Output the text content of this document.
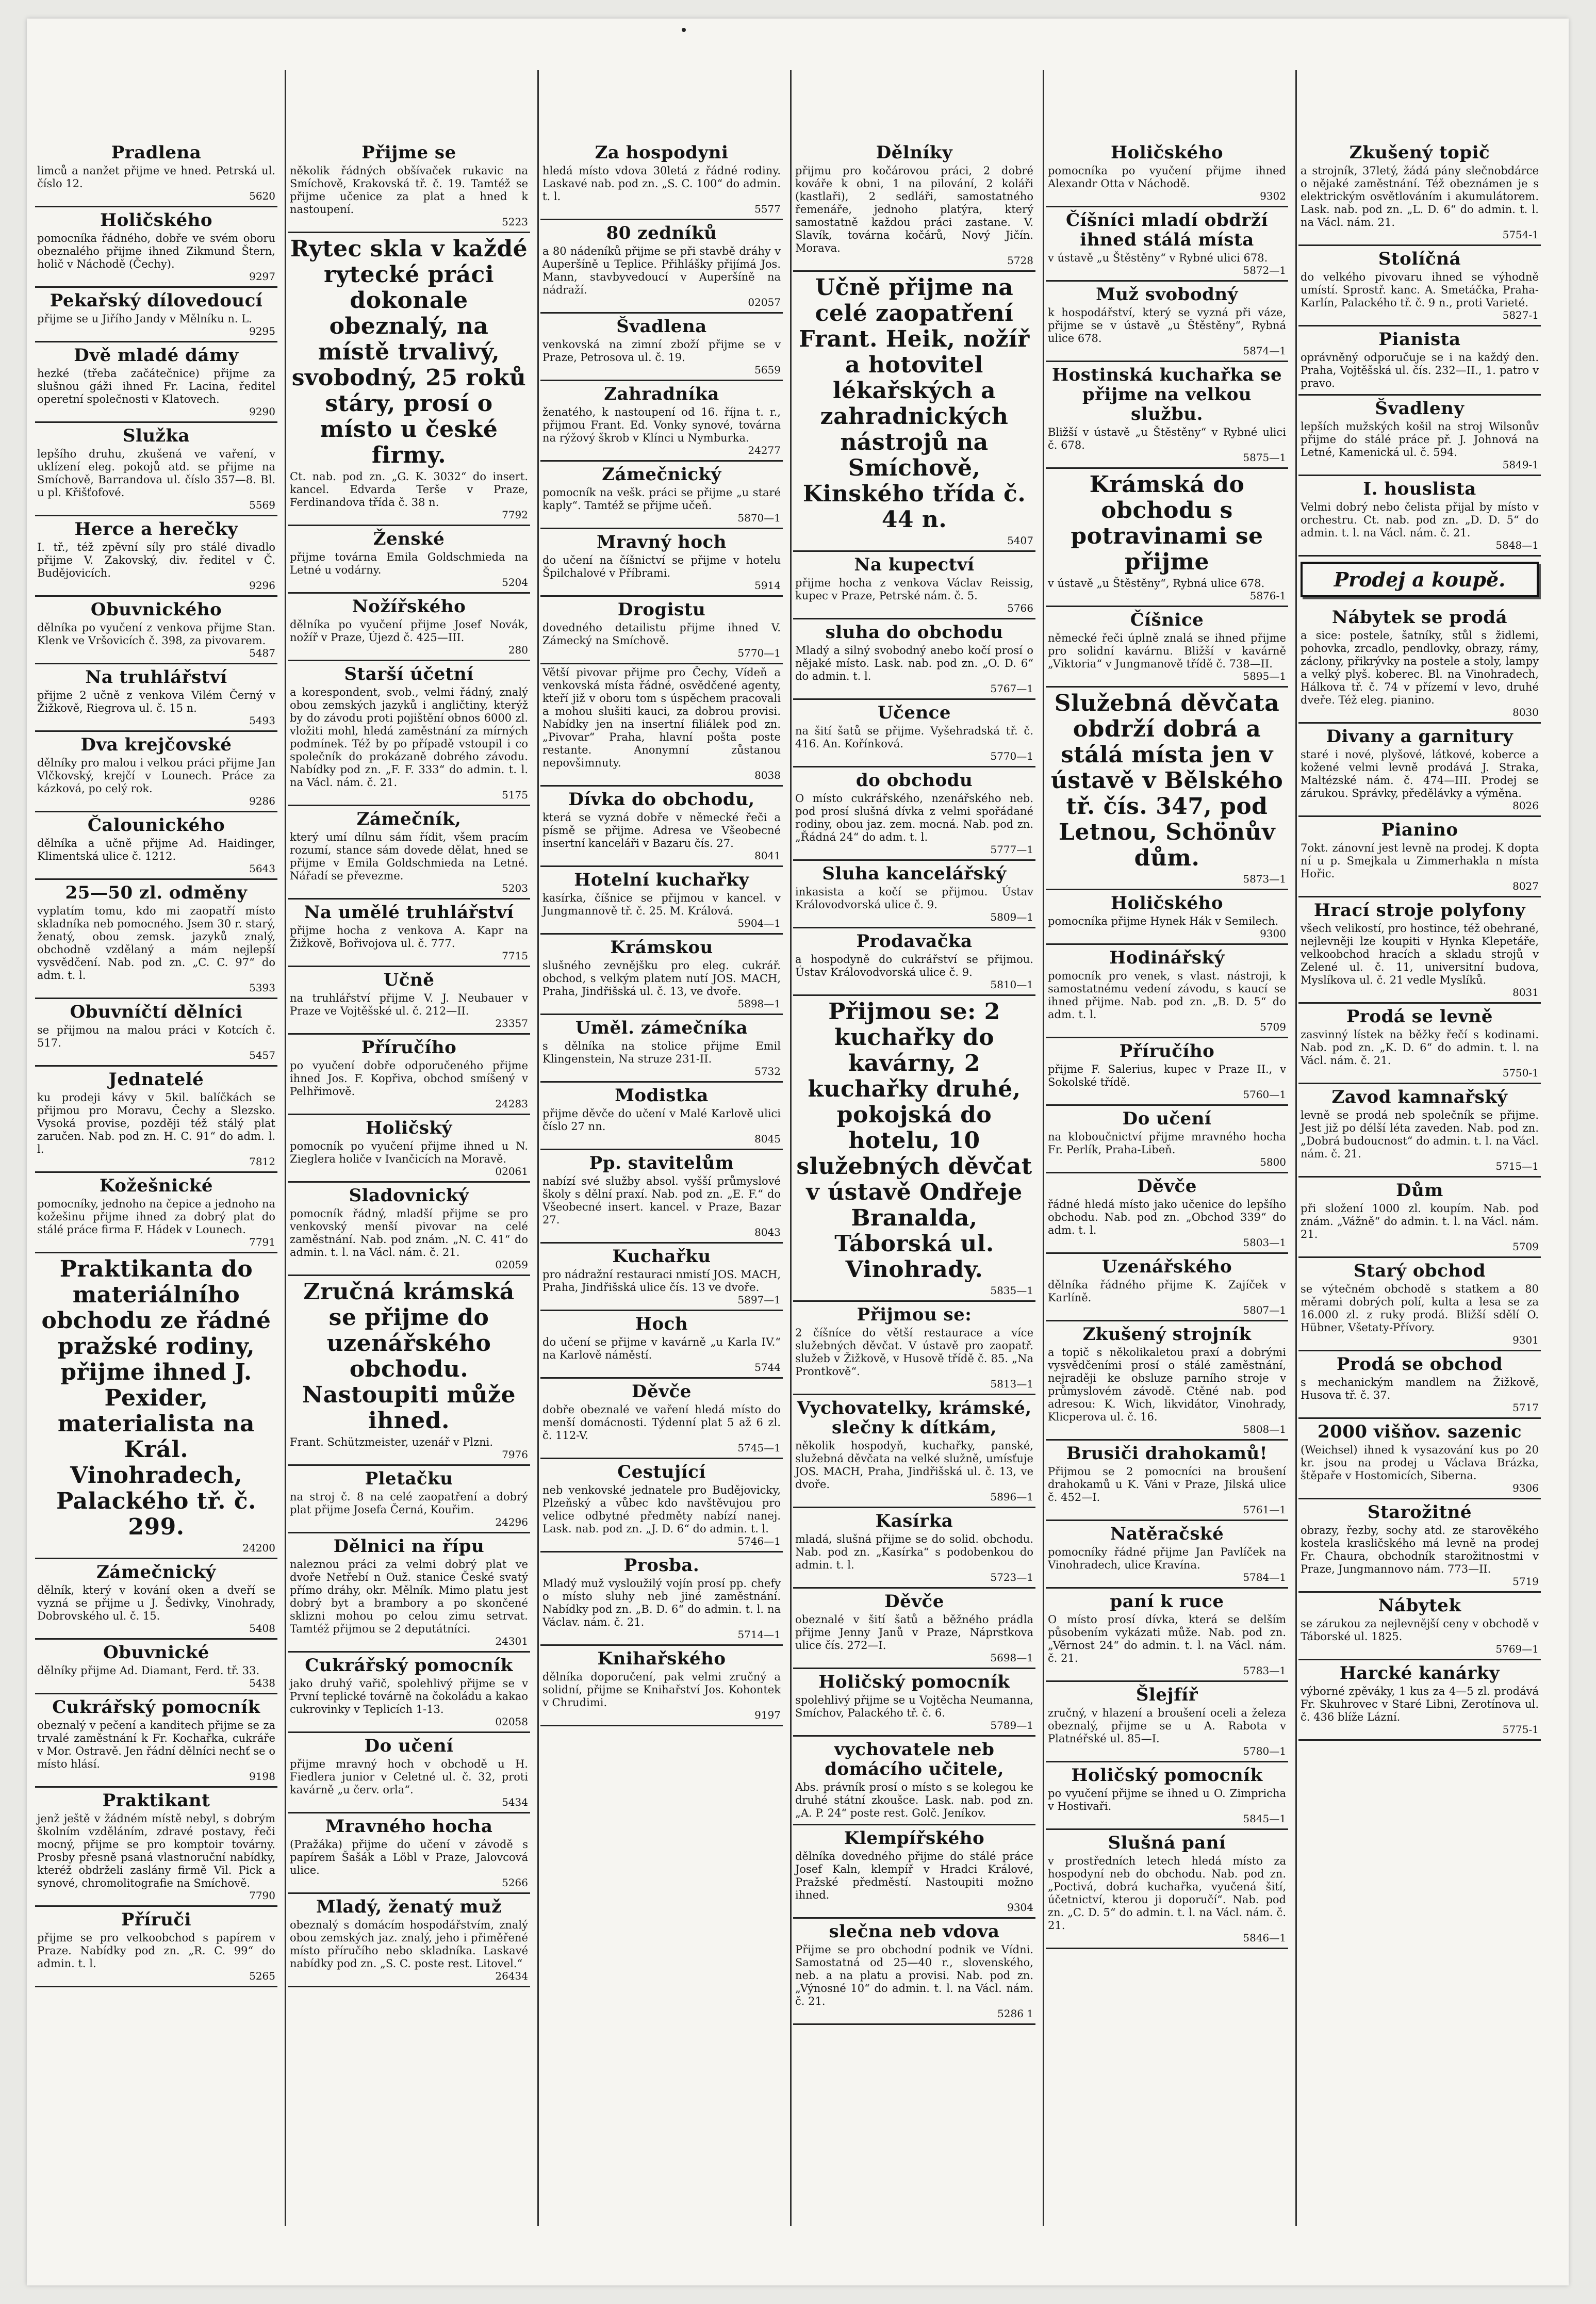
Pradlena

limců a nanžet přijme ve hned. Petrská ul. číslo 12.

5620
Holičského

pomocníka řádného, dobře ve svém oboru obeznalého přijme ihned Zikmund Štern, holič v Náchodě (Čechy).

9297
Pekařský dílovedoucí

přijme se u Jiřího Jandy v Mělníku n. L.

9295
Dvě mladé dámy

hezké (třeba začátečnice) přijme za slušnou gáži ihned Fr. Lacina, ředitel operetní společnosti v Klatovech.

9290
Služka

lepšího druhu, zkušená ve vaření, v uklízení eleg. pokojů atd. se přijme na Smíchově, Barrandova ul. číslo 357—8. Bl. u pl. Křišťofové.

5569
Herce a herečky

I. tř., též zpěvní síly pro stálé divadlo přijme V. Zakovský, div. ředitel v Č. Budějovicích.

9296
Obuvnického

dělníka po vyučení z venkova přijme Stan. Klenk ve Vršovicích č. 398, za pivovarem.

5487
Na truhlářství

přijme 2 učně z venkova Vilém Černý v Žižkově, Riegrova ul. č. 15 n.

5493
Dva krejčovské

dělníky pro malou i velkou práci přijme Jan Vlčkovský, krejčí v Lounech. Práce za kázková, po celý rok.

9286
Čalounického

dělníka a učně přijme Ad. Haidinger, Klimentská ulice č. 1212.

5643
25—50 zl. odměny

vyplatím tomu, kdo mi zaopatří místo skladníka neb pomocného. Jsem 30 r. starý, ženatý, obou zemsk. jazyků znalý, obchodně vzdělaný a mám nejlepší vysvědčení. Nab. pod zn. „C. C. 97“ do adm. t. l.

5393
Obuvníčtí dělníci

se přijmou na malou práci v Kotcích č. 517.

5457
Jednatelé

ku prodeji kávy v 5kil. balíčkách se přijmou pro Moravu, Čechy a Slezsko. Vysoká provise, později též stálý plat zaručen. Nab. pod zn. H. C. 91“ do adm. l. l.

7812
Kožešnické

pomocníky, jednoho na čepice a jednoho na kožešinu přijme ihned za dobrý plat do stálé práce firma F. Hádek v Lounech.

7791
Praktikanta do materiálního obchodu ze řádné pražské rodiny, přijme ihned J. Pexider, materialista na Král. Vinohradech, Palackého tř. č. 299.
24200
Zámečnický

dělník, který v kování oken a dveří se vyzná se přijme u J. Šedivky, Vinohrady, Dobrovského ul. č. 15.

5408
Obuvnické

dělníky přijme Ad. Diamant, Ferd. tř. 33.

5438
Cukrářský pomocník

obeznalý v pečení a kanditech přijme se za trvalé zaměstnání k Fr. Kochařka, cukráře v Mor. Ostravě. Jen řádní dělníci nechť se o místo hlásí.

9198
Praktikant

jenž ještě v žádném místě nebyl, s dobrým školním vzděláním, zdravé postavy, řeči mocný, přijme se pro komptoir továrny. Prosby přesně psaná vlastnoruční nabídky, kteréž obdrželi zaslány firmě Vil. Pick a synové, chromolitografie na Smíchově.

7790
Příruči

přijme se pro velkoobchod s papírem v Praze. Nabídky pod zn. „R. C. 99“ do admin. t. l.

5265
Přijme se

několik řádných obšívaček rukavic na Smíchově, Krakovská tř. č. 19. Tamtéž se přijme učenice za plat a hned k nastoupení.

5223
Rytec skla v každé rytecké práci dokonale obeznalý, na místě trvalivý, svobodný, 25 roků stáry, prosí o místo u české firmy.

Ct. nab. pod zn. „G. K. 3032“ do insert. kancel. Edvarda Terše v Praze, Ferdinandova třída č. 38 n.

7792
Ženské

přijme továrna Emila Goldschmieda na Letné u vodárny.

5204
Nožířského

dělníka po vyučení přijme Josef Novák, nožíř v Praze, Újezd č. 425—III.

280
Starší účetní

a korespondent, svob., velmi řádný, znalý obou zemských jazyků i angličtiny, kterýž by do závodu proti pojištění obnos 6000 zl. vložiti mohl, hledá zaměstnání za mírných podmínek. Též by po případě vstoupil i co společník do prokázaně dobrého závodu. Nabídky pod zn. „F. F. 333“ do admin. t. l. na Václ. nám. č. 21.

5175
Zámečník,

který umí dílnu sám řídit, všem pracím rozumí, stance sám dovede dělat, hned se přijme v Emila Goldschmieda na Letné. Nářadí se převezme.

5203
Na umělé truhlářství

přijme hocha z venkova A. Kapr na Žižkově, Bořivojova ul. č. 777.

7715
Učně

na truhlářství přijme V. J. Neubauer v Praze ve Vojtěšské ul. č. 212—II.

23357
Příručího

po vyučení dobře odporučeného přijme ihned Jos. F. Kopřiva, obchod smíšený v Pelhřimově.

24283
Holičský

pomocník po vyučení přijme ihned u N. Zieglera holiče v Ivančicích na Moravě.

02061
Sladovnický

pomocník řádný, mladší přijme se pro venkovský menší pivovar na celé zaměstnání. Nab. pod znám. „N. C. 41“ do admin. t. l. na Václ. nám. č. 21.

02059
Zručná krámská se přijme do uzenářského obchodu. Nastoupiti může ihned.

Frant. Schützmeister, uzenář v Plzni.

7976
Pletačku

na stroj č. 8 na celé zaopatření a dobrý plat přijme Josefa Černá, Kouřim.

24296
Dělnici na řípu

naleznou práci za velmi dobrý plat ve dvoře Netřebí n Ouž. stanice České svatý přímo dráhy, okr. Mělník. Mimo platu jest dobrý byt a brambory a po skončené sklizni mohou po celou zimu setrvat. Tamtéž přijmou se 2 deputátníci.

24301
Cukrářský pomocník

jako druhý vařič, spolehlivý přijme se v První teplické továrně na čokoládu a kakao cukrovinky v Teplicích 1-13.

02058
Do učení

přijme mravný hoch v obchodě u H. Fiedlera junior v Celetné ul. č. 32, proti kavárně „u červ. orla“.

5434
Mravného hocha

(Pražáka) přijme do učení v závodě s papírem Šašák a Löbl v Praze, Jalovcová ulice.

5266
Mladý, ženatý muž

obeznalý s domácím hospodářstvím, znalý obou zemských jaz. znalý, jeho i přiměřené místo příručího nebo skladníka. Laskavé nabídky pod zn. „S. C. poste rest. Litovel.“

26434
Za hospodyni

hledá místo vdova 30letá z řádné rodiny. Laskavé nab. pod zn. „S. C. 100“ do admin. t. l.

5577
80 zedníků

a 80 nádeníků přijme se při stavbě dráhy v Auperšíně u Teplice. Přihlášky přijímá Jos. Mann, stavbyvedoucí v Auperšíně na nádraží.

02057
Švadlena

venkovská na zimní zboží přijme se v Praze, Petrosova ul. č. 19.

5659
Zahradníka

ženatého, k nastoupení od 16. října t. r., přijmou Frant. Ed. Vonky synové, továrna na rýžový škrob v Klínci u Nymburka.

24277
Zámečnický

pomocník na vešk. práci se přijme „u staré kaply“. Tamtéž se přijme učeň.

5870—1
Mravný hoch

do učení na číšnictví se přijme v hotelu Špilchalové v Příbrami.

5914
Drogistu

dovedného detailistu přijme ihned V. Zámecký na Smíchově.

5770—1

Větší pivovar přijme pro Čechy, Vídeň a venkovská místa řádné, osvědčené agenty, kteří již v oboru tom s úspěchem pracovali a mohou slušiti kauci, za dobrou provisi. Nabídky jen na insertní filiálek pod zn. „Pivovar“ Praha, hlavní pošta poste restante. Anonymní zůstanou nepovšimnuty.

8038
Dívka do obchodu,

která se vyzná dobře v německé řeči a písmě se přijme. Adresa ve Všeobecné insertní kanceláři v Bazaru čís. 27.

8041
Hotelní kuchařky

kasírka, číšnice se přijmou v kancel. v Jungmannově tř. č. 25. M. Králová.

5904—1
Krámskou

slušného zevnějšku pro eleg. cukrář. obchod, s velkým platem nutí JOS. MACH, Praha, Jindřišská ul. č. 13, ve dvoře.

5898—1
Uměl. zámečníka

s dělníka na stolice přijme Emil Klingenstein, Na struze 231-II.

5732
Modistka

přijme děvče do učení v Malé Karlově ulici číslo 27 nn.

8045
Pp. stavitelům

nabízí své služby absol. vyšší průmyslové školy s dělní praxí. Nab. pod zn. „E. F.“ do Všeobecné insert. kancel. v Praze, Bazar 27.

8043
Kuchařku

pro nádražní restauraci nmistí JOS. MACH, Praha, Jindřišská ulice čís. 13 ve dvoře.

5897—1
Hoch

do učení se přijme v kavárně „u Karla IV.“ na Karlově náměstí.

5744
Děvče

dobře obeznalé ve vaření hledá místo do menší domácnosti. Týdenní plat 5 až 6 zl. č. 112-V.

5745—1
Cestující

neb venkovské jednatele pro Budějovicky, Plzeňský a vůbec kdo navštěvujou pro velice odbytné předměty nabízí nanej. Lask. nab. pod zn. „J. D. 6“ do admin. t. l.

5746—1
Prosba.

Mladý muž vysloužilý vojín prosí pp. chefy o místo sluhy neb jiné zaměstnání. Nabídky pod zn. „B. D. 6“ do admin. t. l. na Václav. nám. č. 21.

5714—1
Knihařského

dělníka doporučení, pak velmi zručný a solidní, přijme se Knihařství Jos. Kohontek v Chrudimi.

9197
Dělníky

přijmu pro kočárovou práci, 2 dobré kováře k obni, 1 na pilování, 2 koláři (kastlaři), 2 sedláři, samostatného řemenáře, jednoho platýra, který samostatně každou práci zastane. V. Slavík, továrna kočárů, Nový Jičín. Morava.

5728
Učně přijme na celé zaopatření Frant. Heik, nožíř a hotovitel lékařských a zahradnických nástrojů na Smíchově, Kinského třída č. 44 n.
5407
Na kupectví

přijme hocha z venkova Václav Reissig, kupec v Praze, Petrské nám. č. 5.

5766
sluha do obchodu

Mladý a silný svobodný anebo kočí prosí o nějaké místo. Lask. nab. pod zn. „O. D. 6“ do admin. t. l.

5767—1
Učence

na šití šatů se přijme. Vyšehradská tř. č. 416. An. Kořínková.

5770—1
do obchodu

O místo cukrářského, nzenářského neb. pod prosí slušná dívka z velmi spořádané rodiny, obou jaz. zem. mocná. Nab. pod zn. „Řádná 24“ do adm. t. l.

5777—1
Sluha kancelářský

inkasista a kočí se přijmou. Ústav Královodvorská ulice č. 9.

5809—1
Prodavačka

a hospodyně do cukrářství se přijmou. Ústav Královodvorská ulice č. 9.

5810—1
Přijmou se: 2 kuchařky do kavárny, 2 kuchařky druhé, pokojská do hotelu, 10 služebných děvčat v ústavě Ondřeje Branalda, Táborská ul. Vinohrady.
5835—1
Přijmou se:

2 číšníce do větší restaurace a více služebných děvčat. V ústavě pro zaopatř. služeb v Žižkově, v Husově třídě č. 85. „Na Prontkově“.

5813—1
Vychovatelky, krámské, slečny k dítkám,

několik hospodyň, kuchařky, panské, služebná děvčata na velké služně, umísťuje JOS. MACH, Praha, Jindřišská ul. č. 13, ve dvoře.

5896—1
Kasírka

mladá, slušná přijme se do solid. obchodu. Nab. pod zn. „Kasírka“ s podobenkou do admin. t. l.

5723—1
Děvče

obeznalé v šití šatů a běžného prádla přijme Jenny Janů v Praze, Náprstkova ulice čís. 272—I.

5698—1
Holičský pomocník

spolehlivý přijme se u Vojtěcha Neumanna, Smíchov, Palackého tř. č. 6.

5789—1
vychovatele neb domácího učitele,

Abs. právník prosí o místo s se kolegou ke druhé státní zkoušce. Lask. nab. pod zn. „A. P. 24“ poste rest. Golč. Jeníkov.

Klempířského

dělníka dovedného přijme do stálé práce Josef Kaln, klempíř v Hradci Králové, Pražské předměstí. Nastoupiti možno ihned.

9304
slečna neb vdova

Přijme se pro obchodní podnik ve Vídni. Samostatná od 25—40 r., slovenského, neb. a na platu a provisi. Nab. pod zn. „Výnosné 10“ do admin. t. l. na Václ. nám. č. 21.

5286 1
Holičského

pomocníka po vyučení přijme ihned Alexandr Otta v Náchodě.

9302
Číšníci mladí obdrží ihned stálá místa

v ústavě „u Štěstěny“ v Rybné ulici 678.

5872—1
Muž svobodný

k hospodářství, který se vyzná při váze, přijme se v ústavě „u Štěstěny“, Rybná ulice 678.

5874—1
Hostinská kuchařka se přijme na velkou službu.

Bližší v ústavě „u Štěstěny“ v Rybné ulici č. 678.

5875—1
Krámská do obchodu s potravinami se přijme

v ústavě „u Štěstěny“, Rybná ulice 678.

5876-1
Číšnice

německé řeči úplně znalá se ihned přijme pro solidní kavárnu. Bližší v kavárně „Viktoria“ v Jungmanově třídě č. 738—II.

5895—1
Služebná děvčata obdrží dobrá a stálá místa jen v ústavě v Bělského tř. čís. 347, pod Letnou, Schönův dům.
5873—1
Holičského

pomocníka přijme Hynek Hák v Semilech.

9300
Hodinářský

pomocník pro venek, s vlast. nástroji, k samostatnému vedení závodu, s kaucí se ihned přijme. Nab. pod zn. „B. D. 5“ do adm. t. l.

5709
Příručího

přijme F. Salerius, kupec v Praze II., v Sokolské třídě.

5760—1
Do učení

na kloboučnictví přijme mravného hocha Fr. Perlík, Praha-Libeň.

5800
Děvče

řádné hledá místo jako učenice do lepšího obchodu. Nab. pod zn. „Obchod 339“ do adm. t. l.

5803—1
Uzenářského

dělníka řádného přijme K. Zajíček v Karlíně.

5807—1
Zkušený strojník

a topič s několikaletou praxí a dobrými vysvědčeními prosí o stálé zaměstnání, nejraději ke obsluze parního stroje v průmyslovém závodě. Ctěné nab. pod adresou: K. Wich, likvidátor, Vinohrady, Klicperova ul. č. 16.

5808—1
Brusiči drahokamů!

Přijmou se 2 pomocníci na broušení drahokamů u K. Váni v Praze, Jilská ulice č. 452—I.

5761—1
Natěračské

pomocníky řádné přijme Jan Pavlíček na Vinohradech, ulice Kravína.

5784—1
paní k ruce

O místo prosí dívka, která se delším působením vykázati může. Nab. pod zn. „Věrnost 24“ do admin. t. l. na Václ. nám. č. 21.

5783—1
Šlejfíř

zručný, v hlazení a broušení oceli a železa obeznalý, přijme se u A. Rabota v Platnéřské ul. 85—I.

5780—1
Holičský pomocník

po vyučení přijme se ihned u O. Zimpricha v Hostivaři.

5845—1
Slušná paní

v prostředních letech hledá místo za hospodyní neb do obchodu. Nab. pod zn. „Poctivá, dobrá kuchařka, vyučená šití, účetnictví, kterou ji doporučí“. Nab. pod zn. „C. D. 5“ do admin. t. l. na Václ. nám. č. 21.

5846—1
Zkušený topič

a strojník, 37letý, žádá pány slečnobdárce o nějaké zaměstnání. Též obeznámen je s elektrickým osvětlováním i akumulátorem. Lask. nab. pod zn. „L. D. 6“ do admin. t. l. na Václ. nám. 21.

5754-1
Stolíčná

do velkého pivovaru ihned se výhodně umístí. Sprostř. kanc. A. Smetáčka, Praha-Karlín, Palackého tř. č. 9 n., proti Varieté.

5827-1
Pianista

oprávněný odporučuje se i na každý den. Praha, Vojtěšská ul. čís. 232—II., 1. patro v pravo.

Švadleny

lepších mužských košil na stroj Wilsonův přijme do stálé práce př. J. Johnová na Letné, Kamenická ul. č. 594.

5849-1
I. houslista

Velmi dobrý nebo čelista přijal by místo v orchestru. Ct. nab. pod zn. „D. D. 5“ do admin. t. l. na Václ. nám. č. 21.

5848—1
Prodej a koupě.
Nábytek se prodá

a sice: postele, šatníky, stůl s židlemi, pohovka, zrcadlo, pendlovky, obrazy, rámy, záclony, přikrývky na postele a stoly, lampy a velký plyš. koberec. Bl. na Vinohradech, Hálkova tř. č. 74 v přízemí v levo, druhé dveře. Též eleg. pianino.

8030
Divany a garnitury

staré i nové, plyšové, látkové, koberce a kožené velmi levně prodává J. Straka, Maltézské nám. č. 474—III. Prodej se zárukou. Správky, předělávky a výměna.

8026
Pianino

7okt. zánovní jest levně na prodej. K dopta ní u p. Smejkala u Zimmerhakla n místa Hořic.

8027
Hrací stroje polyfony

všech velikostí, pro hostince, též obehrané, nejlevněji lze koupiti v Hynka Klepetáře, velkoobchod hracích a skladu strojů v Zelené ul. č. 11, universitní budova, Myslíkova ul. č. 21 vedle Myslíků.

8031
Prodá se levně

zasvinný lístek na běžky řečí s kodinami. Nab. pod zn. „K. D. 6“ do admin. t. l. na Václ. nám. č. 21.

5750-1
Zavod kamnařský

levně se prodá neb společník se přijme. Jest již po délší léta zaveden. Nab. pod zn. „Dobrá budoucnost“ do admin. t. l. na Václ. nám. č. 21.

5715—1
Dům

při složení 1000 zl. koupím. Nab. pod znám. „Vážně“ do admin. t. l. na Václ. nám. 21.

5709
Starý obchod

se výtečném obchodě s statkem a 80 měrami dobrých polí, kulta a lesa se za 16.000 zl. z ruky prodá. Bližší sdělí O. Hübner, Všetaty-Přívory.

9301
Prodá se obchod

s mechanickým mandlem na Žižkově, Husova tř. č. 37.

5717
2000 višňov. sazenic

(Weichsel) ihned k vysazování kus po 20 kr. jsou na prodej u Václava Brázka, štěpaře v Hostomicích, Siberna.

9306
Starožitné

obrazy, řezby, sochy atd. ze starověkého kostela krasličského má levně na prodej Fr. Chaura, obchodník starožitnostmi v Praze, Jungmannovo nám. 773—II.

5719
Nábytek

se zárukou za nejlevnější ceny v obchodě v Táborské ul. 1825.

5769—1
Harcké kanárky

výborné zpěváky, 1 kus za 4—5 zl. prodává Fr. Skuhrovec v Staré Libni, Zerotínova ul. č. 436 blíže Lázní.

5775-1
